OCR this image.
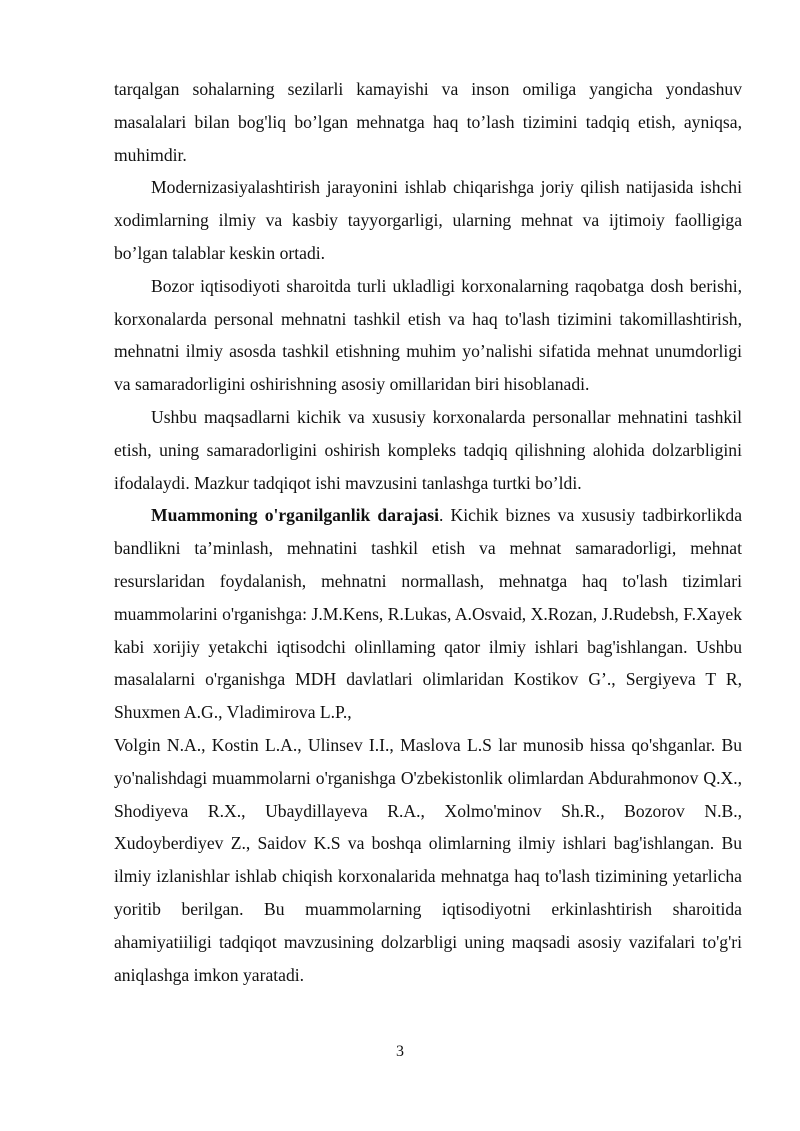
tarqalgan sohalarning sezilarli kamayishi va inson omiliga yangicha yondashuv masalalari bilan bog'liq bo’lgan mehnatga haq to’lash tizimini tadqiq etish, ayniqsa, muhimdir.

Modernizasiyalashtirish jarayonini ishlab chiqarishga joriy qilish natijasida ishchi xodimlarning ilmiy va kasbiy tayyorgarligi, ularning mehnat va ijtimoiy faolligiga bo’lgan talablar keskin ortadi.

Bozor iqtisodiyoti sharoitda turli ukladligi korxonalarning raqobatga dosh berishi, korxonalarda personal mehnatni tashkil etish va haq to'lash tizimini takomillashtirish, mehnatni ilmiy asosda tashkil etishning muhim yo’nalishi sifatida mehnat unumdorligi va samaradorligini oshirishning asosiy omillaridan biri hisoblanadi.

Ushbu maqsadlarni kichik va xususiy korxonalarda personallar mehnatini tashkil etish, uning samaradorligini oshirish kompleks tadqiq qilishning alohida dolzarbligini ifodalaydi. Mazkur tadqiqot ishi mavzusini tanlashga turtki bo’ldi.

Muammoning o'rganilganlik darajasi. Kichik biznes va xususiy tadbirkorlikda bandlikni ta’minlash, mehnatini tashkil etish va mehnat samaradorligi, mehnat resurslaridan foydalanish, mehnatni normallash, mehnatga haq to'lash tizimlari muammolarini o'rganishga: J.M.Kens, R.Lukas, A.Osvaid, X.Rozan, J.Rudebsh, F.Xayek kabi xorijiy yetakchi iqtisodchi olinllaming qator ilmiy ishlari bag'ishlangan. Ushbu masalalarni o'rganishga MDH davlatlari olimlaridan Kostikov G’., Sergiyeva T R, Shuxmen A.G., Vladimirova L.P.,

Volgin N.A., Kostin L.A., Ulinsev I.I., Maslova L.S lar munosib hissa qo'shganlar. Bu yo'nalishdagi muammolarni o'rganishga O'zbekistonlik olimlardan Abdurahmonov Q.X., Shodiyeva R.X., Ubaydillayeva R.A., Xolmo'minov Sh.R., Bozorov N.B., Xudoyberdiyev Z., Saidov K.S va boshqa olimlarning ilmiy ishlari bag'ishlangan. Bu ilmiy izlanishlar ishlab chiqish korxonalarida mehnatga haq to'lash tizimining yetarlicha yoritib berilgan. Bu muammolarning iqtisodiyotni erkinlashtirish sharoitida ahamiyatiiligi tadqiqot mavzusining dolzarbligi uning maqsadi asosiy vazifalari to'g'ri aniqlashga imkon yaratadi.

3
